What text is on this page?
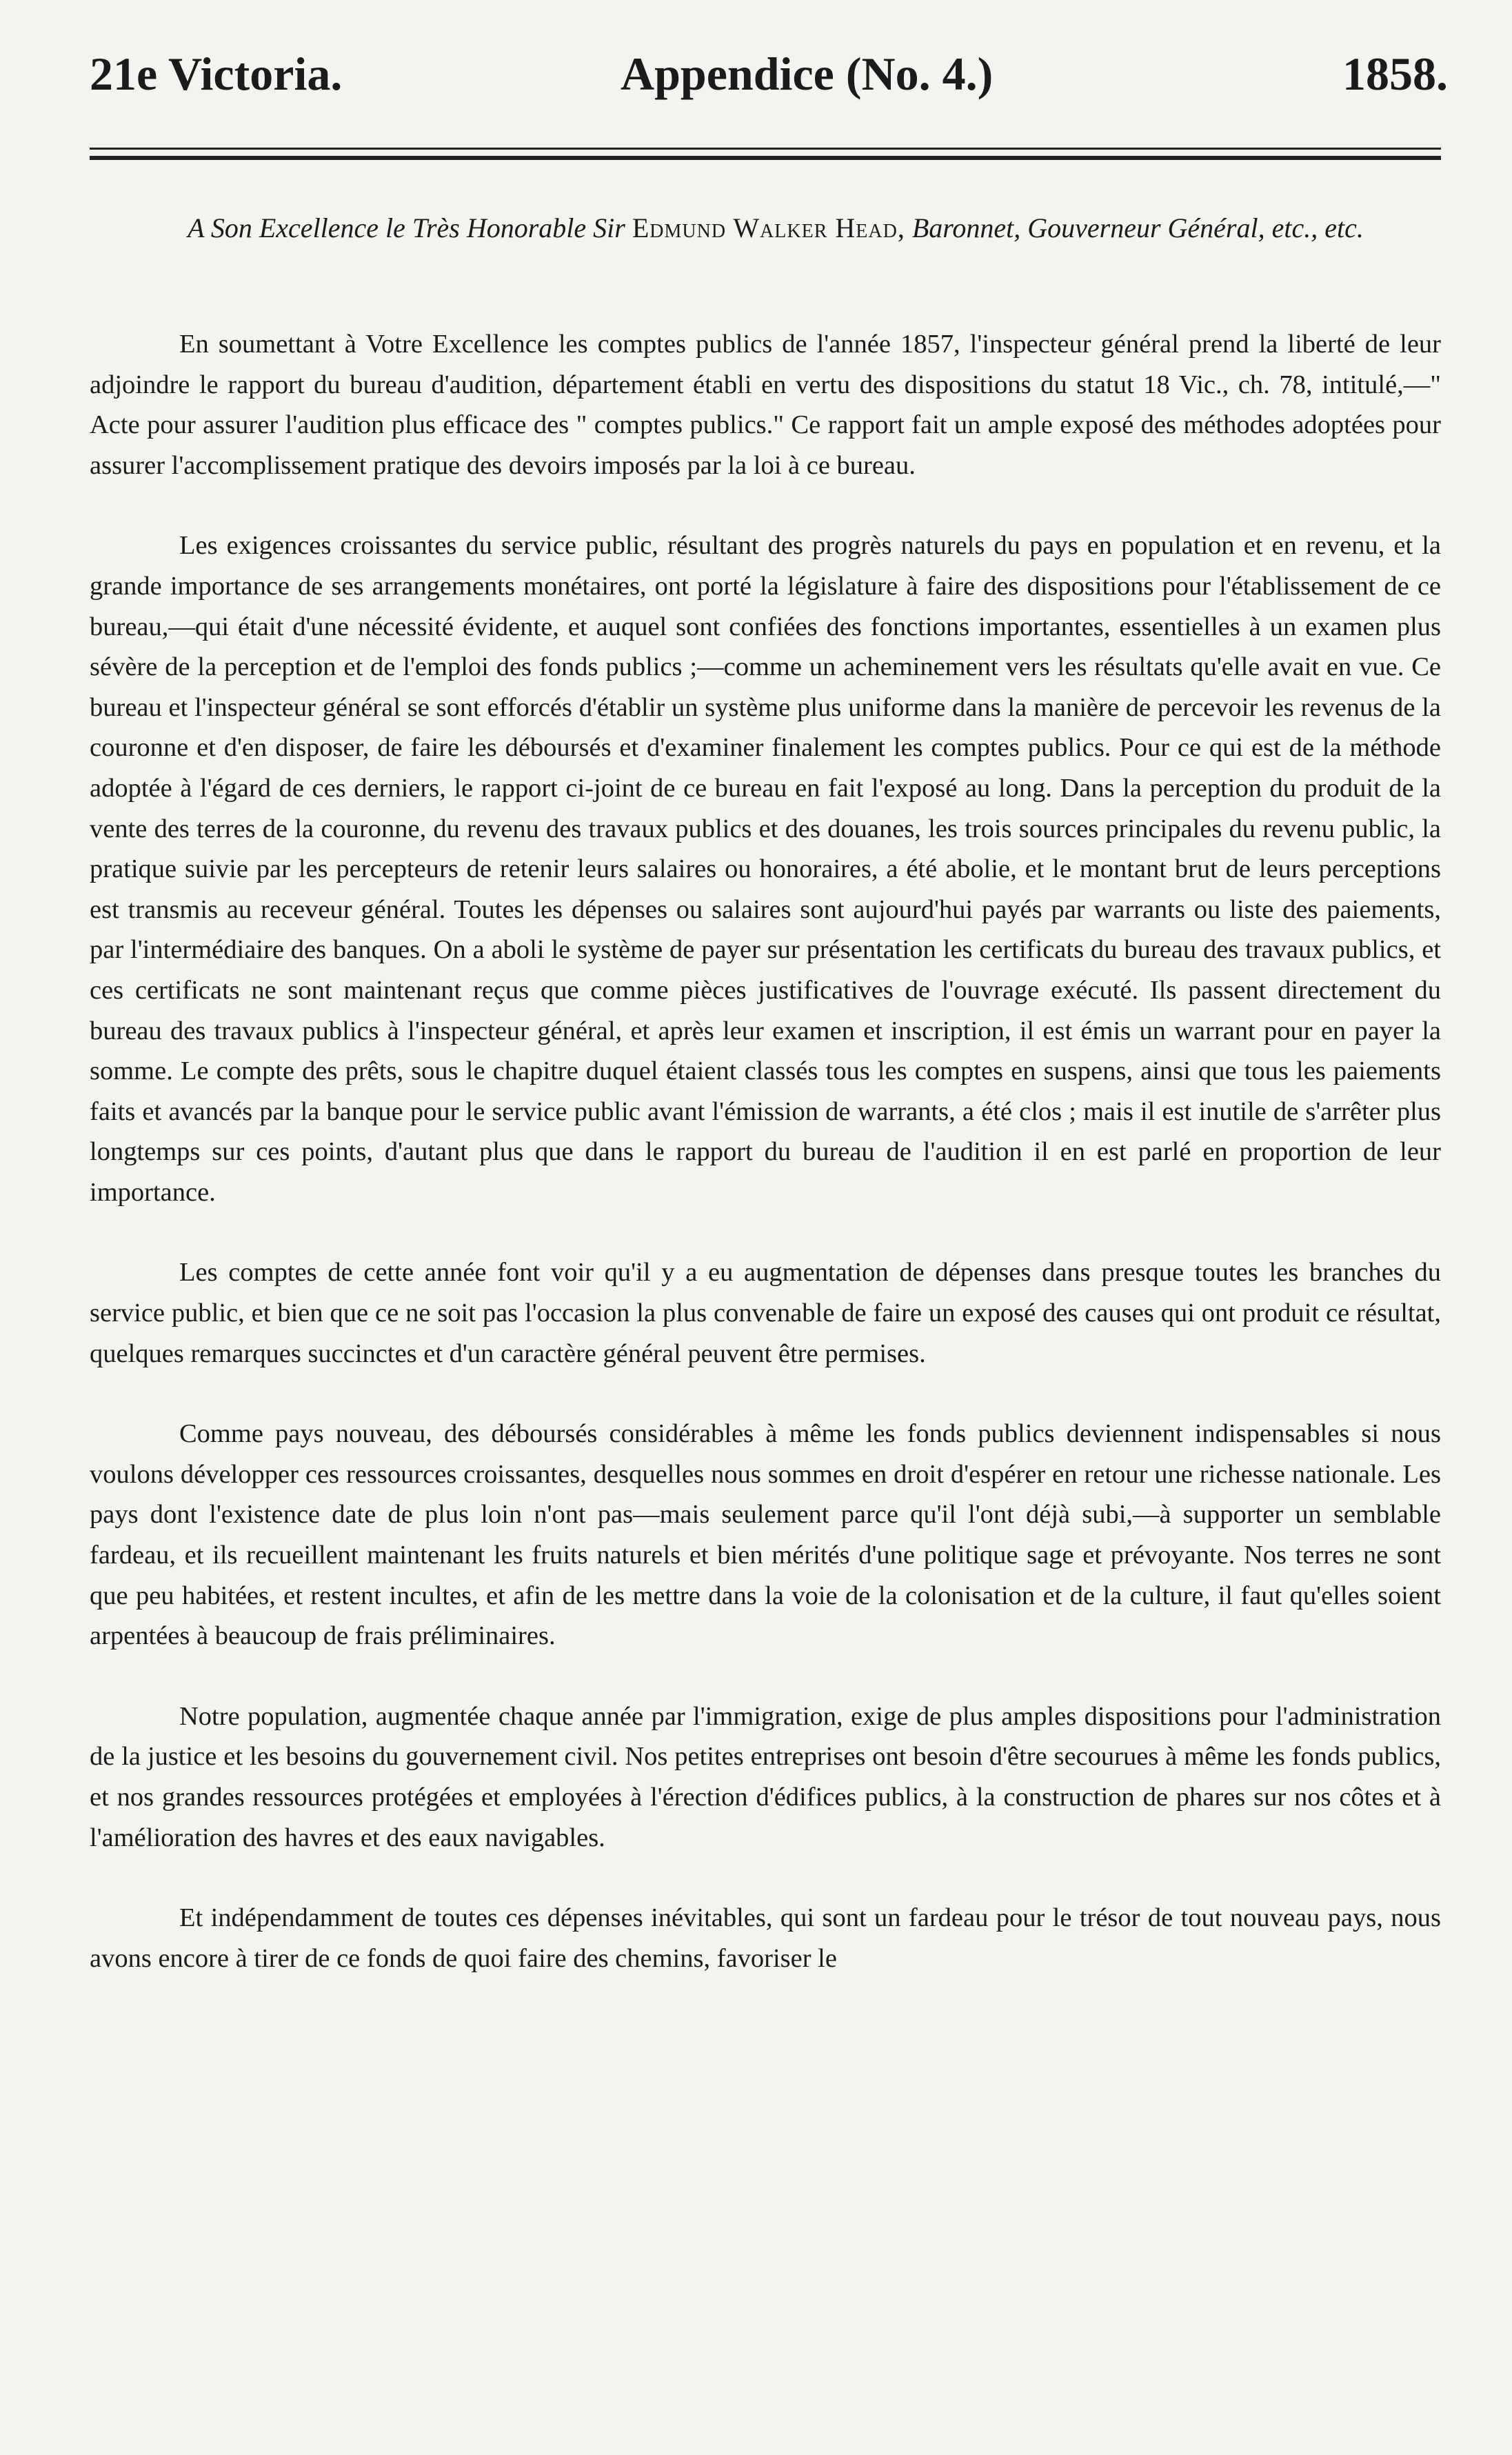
21e Victoria.	Appendice (No. 4.)	1858.
A Son Excellence le Très Honorable Sir Edmund Walker Head, Baronnet, Gouverneur Général, etc., etc.

En soumettant à Votre Excellence les comptes publics de l'année 1857, l'inspecteur général prend la liberté de leur adjoindre le rapport du bureau d'audition, département établi en vertu des dispositions du statut 18 Vic., ch. 78, intitulé,—" Acte pour assurer l'audition plus efficace des " comptes publics." Ce rapport fait un ample exposé des méthodes adoptées pour assurer l'accomplissement pratique des devoirs imposés par la loi à ce bureau.

Les exigences croissantes du service public, résultant des progrès naturels du pays en population et en revenu, et la grande importance de ses arrangements monétaires, ont porté la législature à faire des dispositions pour l'établissement de ce bureau,—qui était d'une nécessité évidente, et auquel sont confiées des fonctions importantes, essentielles à un examen plus sévère de la perception et de l'emploi des fonds publics ;—comme un acheminement vers les résultats qu'elle avait en vue. Ce bureau et l'inspecteur général se sont efforcés d'établir un système plus uniforme dans la manière de percevoir les revenus de la couronne et d'en disposer, de faire les déboursés et d'examiner finalement les comptes publics. Pour ce qui est de la méthode adoptée à l'égard de ces derniers, le rapport ci-joint de ce bureau en fait l'exposé au long. Dans la perception du produit de la vente des terres de la couronne, du revenu des travaux publics et des douanes, les trois sources principales du revenu public, la pratique suivie par les percepteurs de retenir leurs salaires ou honoraires, a été abolie, et le montant brut de leurs perceptions est transmis au receveur général. Toutes les dépenses ou salaires sont aujourd'hui payés par warrants ou liste des paiements, par l'intermédiaire des banques. On a aboli le système de payer sur présentation les certificats du bureau des travaux publics, et ces certificats ne sont maintenant reçus que comme pièces justificatives de l'ouvrage exécuté. Ils passent directement du bureau des travaux publics à l'inspecteur général, et après leur examen et inscription, il est émis un warrant pour en payer la somme. Le compte des prêts, sous le chapitre duquel étaient classés tous les comptes en suspens, ainsi que tous les paiements faits et avancés par la banque pour le service public avant l'émission de warrants, a été clos ; mais il est inutile de s'arrêter plus longtemps sur ces points, d'autant plus que dans le rapport du bureau de l'audition il en est parlé en proportion de leur importance.

Les comptes de cette année font voir qu'il y a eu augmentation de dépenses dans presque toutes les branches du service public, et bien que ce ne soit pas l'occasion la plus convenable de faire un exposé des causes qui ont produit ce résultat, quelques remarques succinctes et d'un caractère général peuvent être permises.

Comme pays nouveau, des déboursés considérables à même les fonds publics deviennent indispensables si nous voulons développer ces ressources croissantes, desquelles nous sommes en droit d'espérer en retour une richesse nationale. Les pays dont l'existence date de plus loin n'ont pas—mais seulement parce qu'il l'ont déjà subi,—à supporter un semblable fardeau, et ils recueillent maintenant les fruits naturels et bien mérités d'une politique sage et prévoyante. Nos terres ne sont que peu habitées, et restent incultes, et afin de les mettre dans la voie de la colonisation et de la culture, il faut qu'elles soient arpentées à beaucoup de frais préliminaires.

Notre population, augmentée chaque année par l'immigration, exige de plus amples dispositions pour l'administration de la justice et les besoins du gouvernement civil. Nos petites entreprises ont besoin d'être secourues à même les fonds publics, et nos grandes ressources protégées et employées à l'érection d'édifices publics, à la construction de phares sur nos côtes et à l'amélioration des havres et des eaux navigables.

Et indépendamment de toutes ces dépenses inévitables, qui sont un fardeau pour le trésor de tout nouveau pays, nous avons encore à tirer de ce fonds de quoi faire des chemins, favoriser le
